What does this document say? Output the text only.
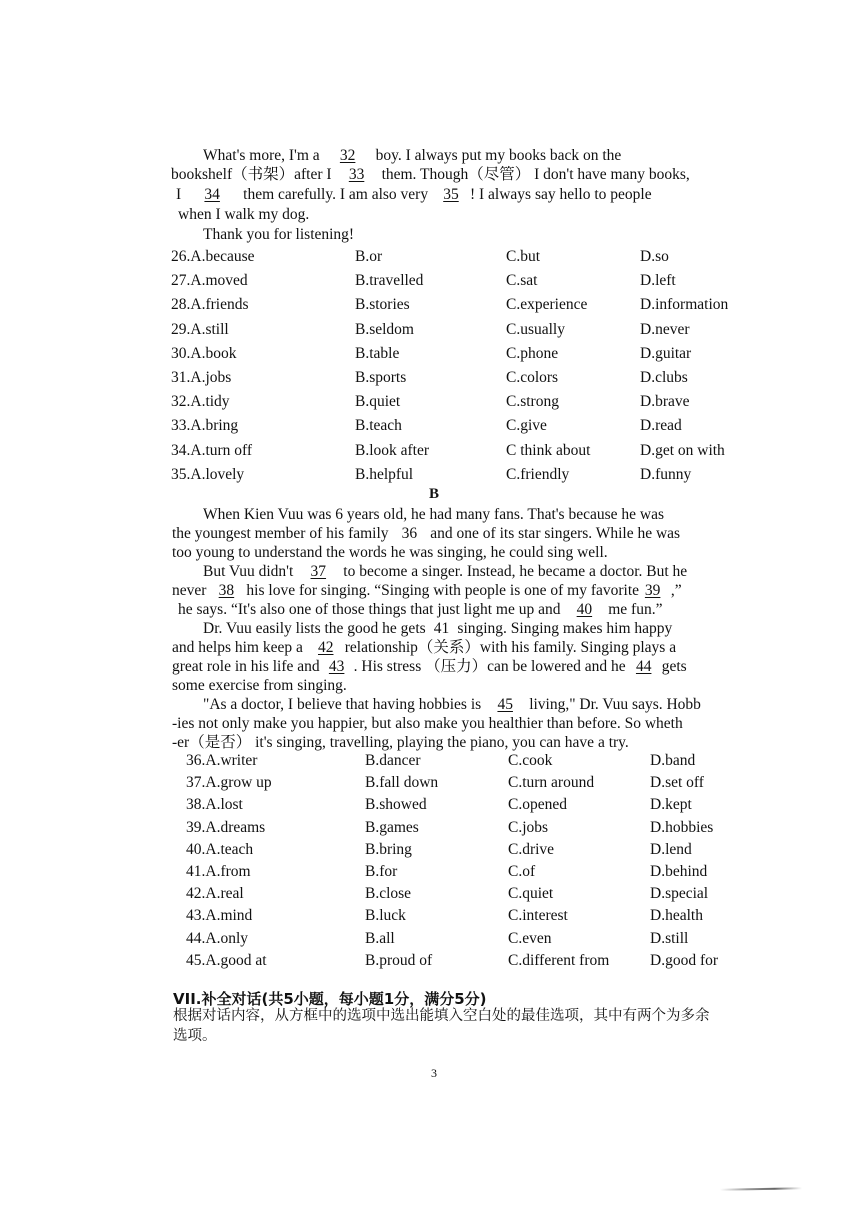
What's more, I'm a 32 boy. I always put my books back on the
bookshelf（书架）after I 33 them. Though（尽管） I don't have many books,
I 34 them carefully. I am also very 35 ! I always say hello to people
when I walk my dog.
Thank you for listening!
26.A.because	B.or	C.but	D.so
27.A.moved	B.travelled	C.sat	D.left
28.A.friends	B.stories	C.experience	D.information
29.A.still	B.seldom	C.usually	D.never
30.A.book	B.table	C.phone	D.guitar
31.A.jobs	B.sports	C.colors	D.clubs
32.A.tidy	B.quiet	C.strong	D.brave
33.A.bring	B.teach	C.give	D.read
34.A.turn off	B.look after	C think about	D.get on with
35.A.lovely	B.helpful	C.friendly	D.funny
B
When Kien Vuu was 6 years old, he had many fans. That's because he was
the youngest member of his family 36 and one of its star singers. While he was
too young to understand the words he was singing, he could sing well.
But Vuu didn't 37 to become a singer. Instead, he became a doctor. But he
never 38 his love for singing. “Singing with people is one of my favorite 39 ,”
he says. “It's also one of those things that just light me up and 40 me fun.”
Dr. Vuu easily lists the good he gets 41 singing. Singing makes him happy
and helps him keep a 42 relationship（关系）with his family. Singing plays a
great role in his life and 43 . His stress （压力）can be lowered and he 44 gets
some exercise from singing.
"As a doctor, I believe that having hobbies is 45 living," Dr. Vuu says. Hobb
-ies not only make you happier, but also make you healthier than before. So wheth
-er（是否） it's singing, travelling, playing the piano, you can have a try.
36.A.writer	B.dancer	C.cook	D.band
37.A.grow up	B.fall down	C.turn around	D.set off
38.A.lost	B.showed	C.opened	D.kept
39.A.dreams	B.games	C.jobs	D.hobbies
40.A.teach	B.bring	C.drive	D.lend
41.A.from	B.for	C.of	D.behind
42.A.real	B.close	C.quiet	D.special
43.A.mind	B.luck	C.interest	D.health
44.A.only	B.all	C.even	D.still
45.A.good at	B.proud of	C.different from	D.good for
VII.补全对话(共5小题，每小题1分，满分5分)
根据对话内容，从方框中的选项中选出能填入空白处的最佳选项，其中有两个为多余
选项。
3
